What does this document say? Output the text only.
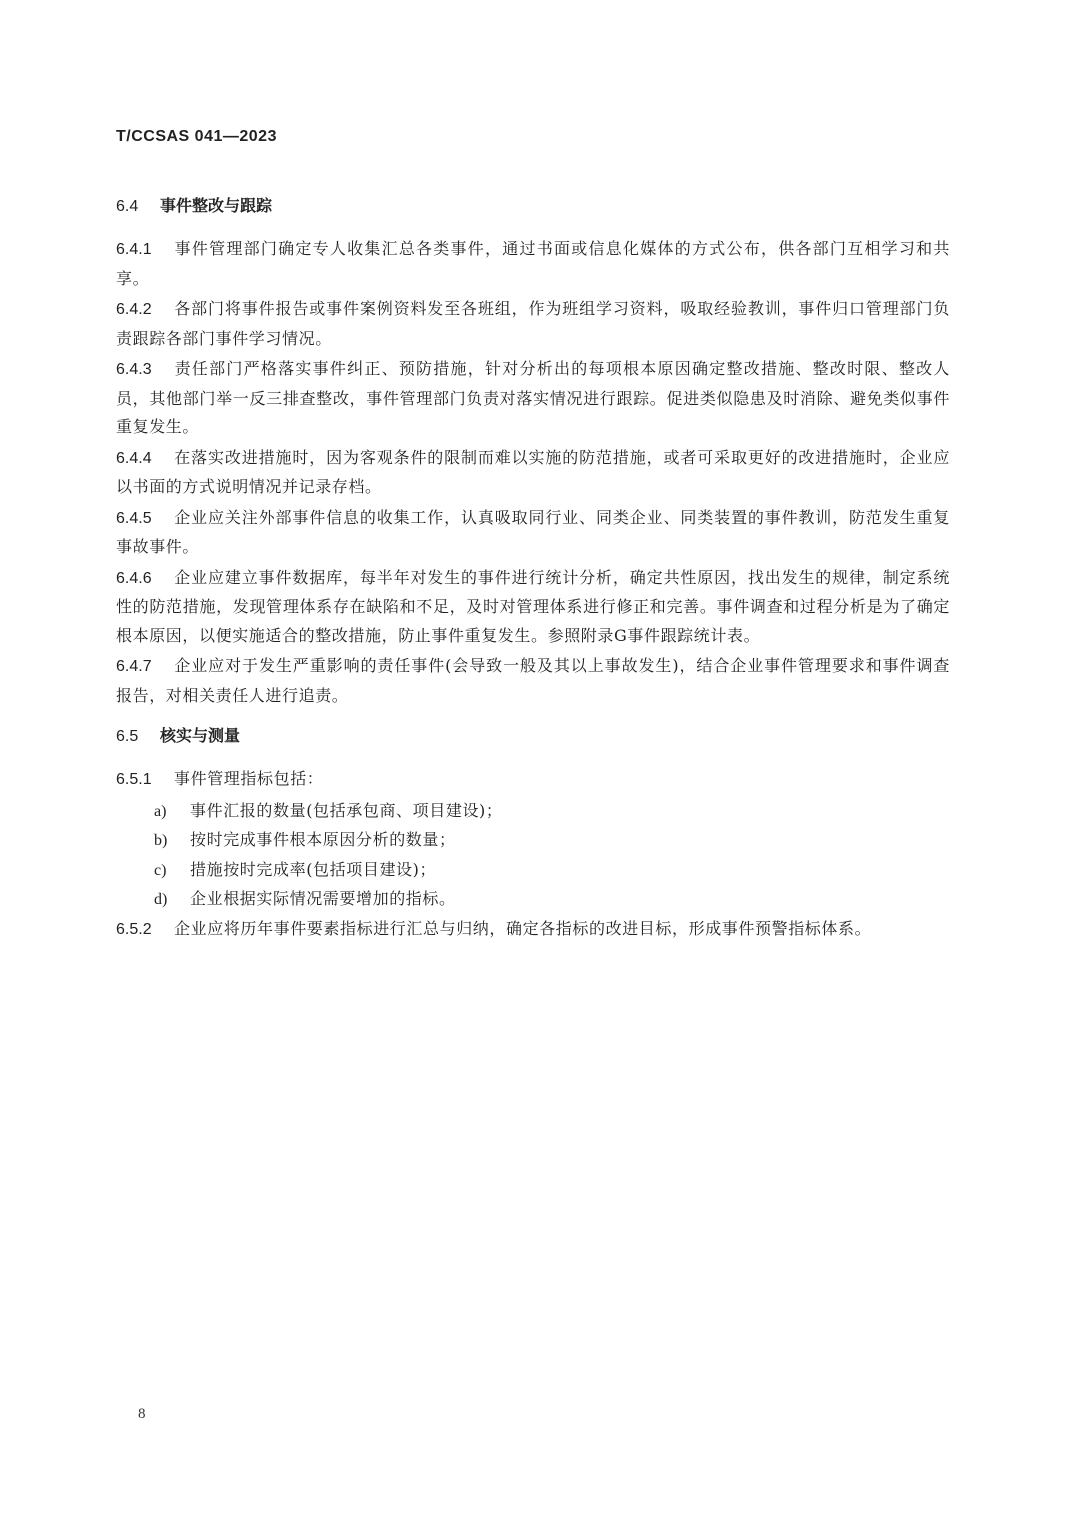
T/CCSAS 041—2023
6.4 事件整改与跟踪

6.4.1 事件管理部门确定专人收集汇总各类事件，通过书面或信息化媒体的方式公布，供各部门互相学习和共享。

6.4.2 各部门将事件报告或事件案例资料发至各班组，作为班组学习资料，吸取经验教训，事件归口管理部门负责跟踪各部门事件学习情况。

6.4.3 责任部门严格落实事件纠正、预防措施，针对分析出的每项根本原因确定整改措施、整改时限、整改人员，其他部门举一反三排查整改，事件管理部门负责对落实情况进行跟踪。促进类似隐患及时消除、避免类似事件重复发生。

6.4.4 在落实改进措施时，因为客观条件的限制而难以实施的防范措施，或者可采取更好的改进措施时，企业应以书面的方式说明情况并记录存档。

6.4.5 企业应关注外部事件信息的收集工作，认真吸取同行业、同类企业、同类装置的事件教训，防范发生重复事故事件。

6.4.6 企业应建立事件数据库，每半年对发生的事件进行统计分析，确定共性原因，找出发生的规律，制定系统性的防范措施，发现管理体系存在缺陷和不足，及时对管理体系进行修正和完善。事件调查和过程分析是为了确定根本原因，以便实施适合的整改措施，防止事件重复发生。参照附录G事件跟踪统计表。

6.4.7 企业应对于发生严重影响的责任事件(会导致一般及其以上事故发生)，结合企业事件管理要求和事件调查报告，对相关责任人进行追责。

6.5 核实与测量

6.5.1 事件管理指标包括：

a) 事件汇报的数量(包括承包商、项目建设)；
b) 按时完成事件根本原因分析的数量；
c) 措施按时完成率(包括项目建设)；
d) 企业根据实际情况需要增加的指标。

6.5.2 企业应将历年事件要素指标进行汇总与归纳，确定各指标的改进目标，形成事件预警指标体系。

8
